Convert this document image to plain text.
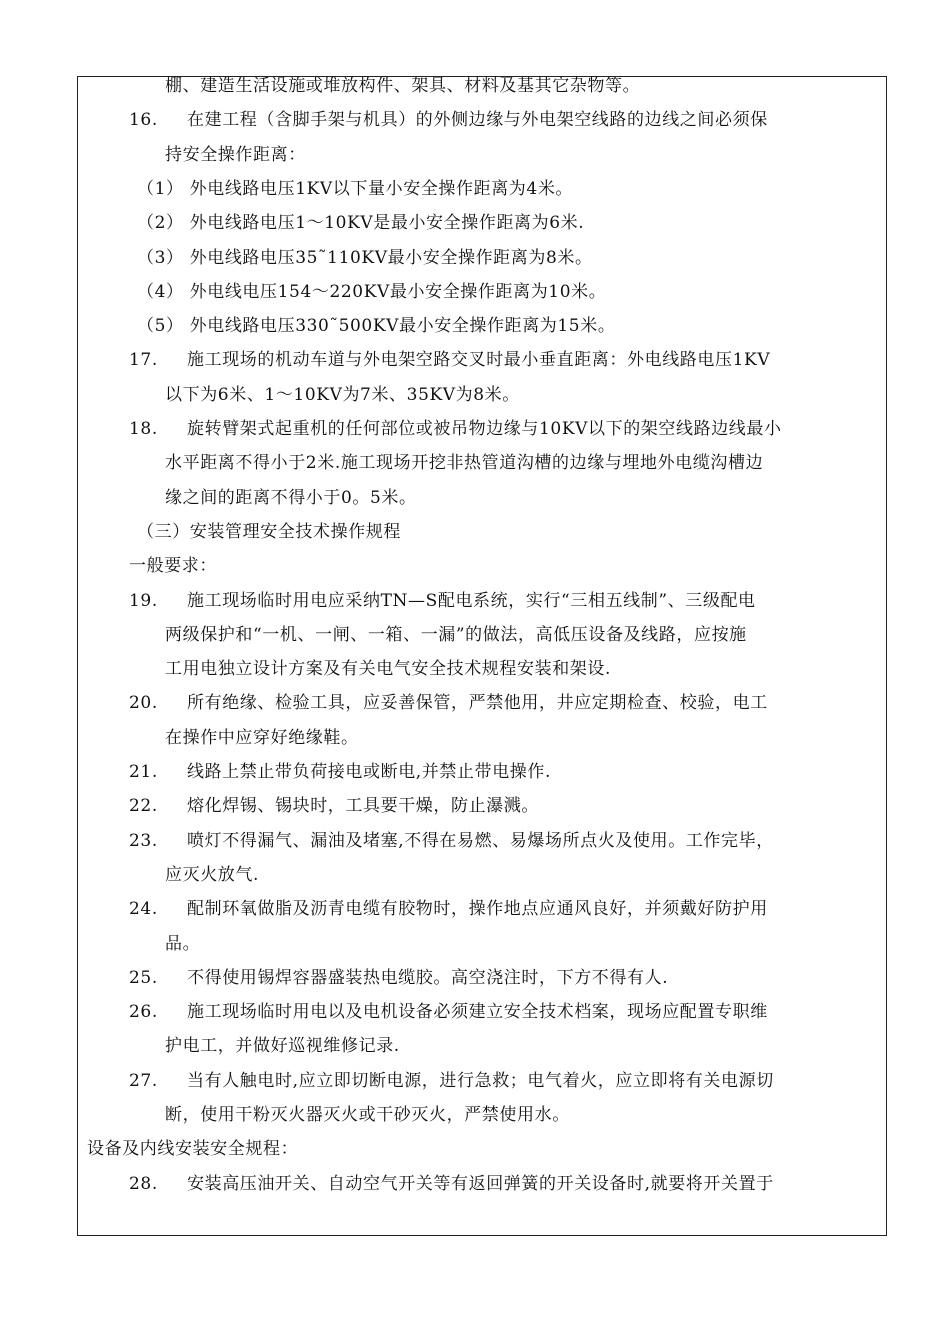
棚、建造生活设施或堆放构件、架具、材料及基其它杂物等。
16. 在建工程（含脚手架与机具）的外侧边缘与外电架空线路的边线之间必须保
持安全操作距离：
（1） 外电线路电压1KV以下量小安全操作距离为4米。
（2） 外电线路电压1～10KV是最小安全操作距离为6米.
（3） 外电线路电压35˜110KV最小安全操作距离为8米。
（4） 外电线电压154～220KV最小安全操作距离为10米。
（5） 外电线路电压330˜500KV最小安全操作距离为15米。
17. 施工现场的机动车道与外电架空路交叉时最小垂直距离：外电线路电压1KV
以下为6米、1～10KV为7米、35KV为8米。
18. 旋转臂架式起重机的任何部位或被吊物边缘与10KV以下的架空线路边线最小
水平距离不得小于2米.施工现场开挖非热管道沟槽的边缘与埋地外电缆沟槽边
缘之间的距离不得小于0。5米。
（三）安装管理安全技术操作规程
一般要求：
19. 施工现场临时用电应采纳TN—S配电系统，实行“三相五线制”、三级配电
两级保护和“一机、一闸、一箱、一漏”的做法，高低压设备及线路，应按施
工用电独立设计方案及有关电气安全技术规程安装和架设.
20. 所有绝缘、检验工具，应妥善保管，严禁他用，井应定期检查、校验，电工
在操作中应穿好绝缘鞋。
21. 线路上禁止带负荷接电或断电,并禁止带电操作.
22. 熔化焊锡、锡块时，工具要干燥，防止瀑溅。
23. 喷灯不得漏气、漏油及堵塞,不得在易燃、易爆场所点火及使用。工作完毕，
应灭火放气.
24. 配制环氧做脂及沥青电缆有胶物时，操作地点应通风良好，并须戴好防护用
品。
25. 不得使用锡焊容器盛装热电缆胶。高空浇注时，下方不得有人.
26. 施工现场临时用电以及电机设备必须建立安全技术档案，现场应配置专职维
护电工，并做好巡视维修记录.
27. 当有人触电时,应立即切断电源，进行急救；电气着火，应立即将有关电源切
断，使用干粉灭火器灭火或干砂灭火，严禁使用水。
设备及内线安装安全规程：
28. 安装高压油开关、自动空气开关等有返回弹簧的开关设备时,就要将开关置于
